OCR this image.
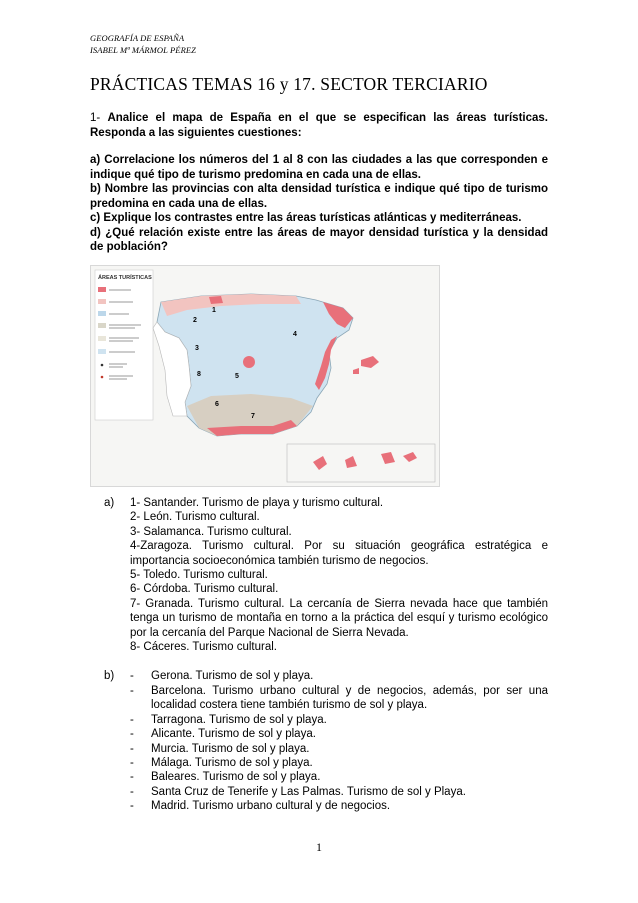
GEOGRAFÍA DE ESPAÑA
ISABEL Mª MÁRMOL PÉREZ
PRÁCTICAS TEMAS 16 y 17. SECTOR TERCIARIO
1- Analice el mapa de España en el que se especifican las áreas turísticas. Responda a las siguientes cuestiones:
a) Correlacione los números del 1 al 8 con las ciudades a las que corresponden e indique qué tipo de turismo predomina en cada una de ellas.
b) Nombre las provincias con alta densidad turística e indique qué tipo de turismo predomina en cada una de ellas.
c) Explique los contrastes entre las áreas turísticas atlánticas y mediterráneas.
d) ¿Qué relación existe entre las áreas de mayor densidad turística y la densidad de población?
ÁREAS TURÍSTICAS
1
2
3
4
5
6
7
8
a)	1- Santander. Turismo de playa y turismo cultural.
2- León. Turismo cultural.
3- Salamanca. Turismo cultural.
4-Zaragoza. Turismo cultural. Por su situación geográfica estratégica e importancia socioeconómica también turismo de negocios.
5- Toledo. Turismo cultural.
6- Córdoba. Turismo cultural.
7- Granada. Turismo cultural. La cercanía de Sierra nevada hace que también tenga un turismo de montaña en torno a la práctica del esquí y turismo ecológico por la cercanía del Parque Nacional de Sierra Nevada.
8- Cáceres. Turismo cultural.
b)	-	Gerona. Turismo de sol y playa.
-	Barcelona. Turismo urbano cultural y de negocios, además, por ser una localidad costera tiene también turismo de sol y playa.
-	Tarragona. Turismo de sol y playa.
-	Alicante. Turismo de sol y playa.
-	Murcia. Turismo de sol y playa.
-	Málaga. Turismo de sol y playa.
-	Baleares. Turismo de sol y playa.
-	Santa Cruz de Tenerife y Las Palmas. Turismo de sol y Playa.
-	Madrid. Turismo urbano cultural y de negocios.
1
